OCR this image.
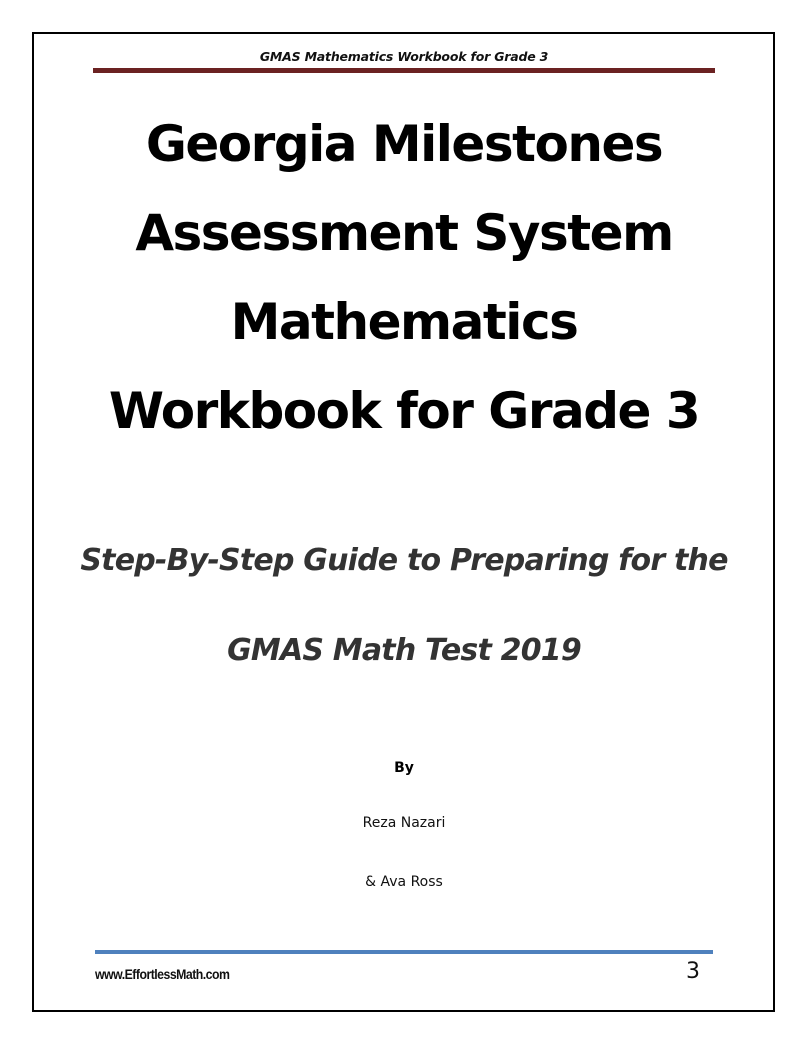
GMAS Mathematics Workbook for Grade 3
Georgia Milestones
Assessment System
Mathematics
Workbook for Grade 3
Step-By-Step Guide to Preparing for the
GMAS Math Test 2019
By
Reza Nazari
& Ava Ross
www.EffortlessMath.com	3
